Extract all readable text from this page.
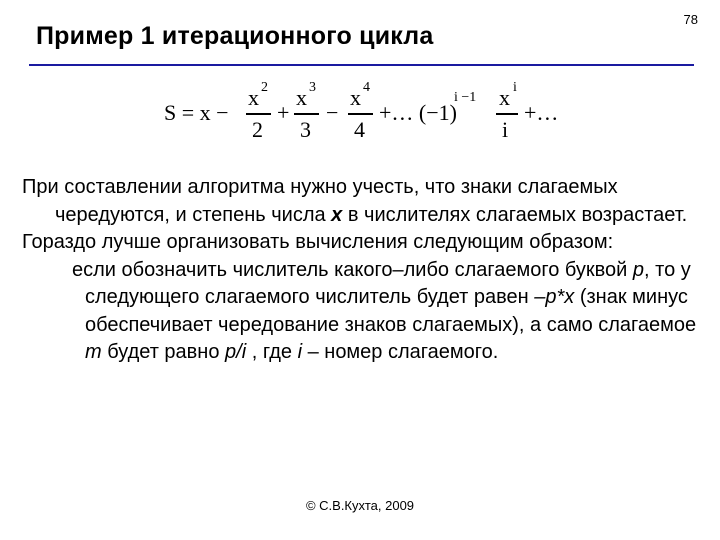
78
Пример 1 итерационного цикла
S = x −
x 2
2
+
x 3
3
−
x 4
4
+… (−1)
i −1 x i
i
+…

При составлении алгоритма нужно учесть, что знаки слагаемых чередуются, и степень числа x в числителях слагаемых возрастает.

Гораздо лучше организовать вычисления следующим образом:

если обозначить числитель какого–либо слагаемого буквой p, то у следующего слагаемого числитель будет равен –p*x (знак минус обеспечивает чередование знаков слагаемых), а само слагаемое m будет равно p/i , где i – номер слагаемого.

© С.В.Кухта, 2009
